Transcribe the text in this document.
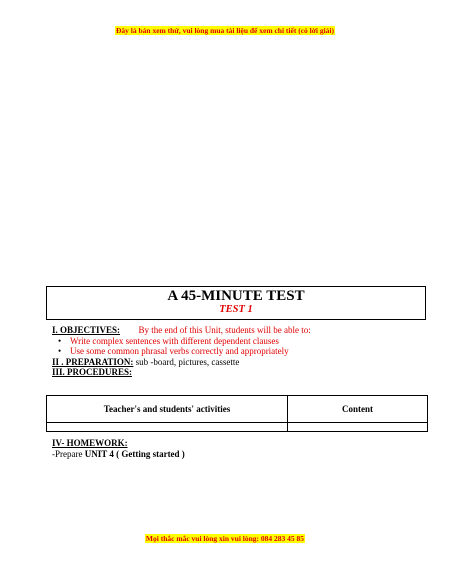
Đây là bản xem thử, vui lòng mua tài liệu để xem chi tiết (có lời giải)
A 45-MINUTE TEST
TEST 1
I. OBJECTIVES: By the end of this Unit, students will be able to:
• Write complex sentences with different dependent clauses
• Use some common phrasal verbs correctly and appropriately
II . PREPARATION: sub -board, pictures, cassette
III. PROCEDURES:
Teacher's and students' activities	Content

IV- HOMEWORK:
-Prepare UNIT 4 ( Getting started )
Mọi thắc mắc vui lòng xin vui lòng: 084 283 45 85
